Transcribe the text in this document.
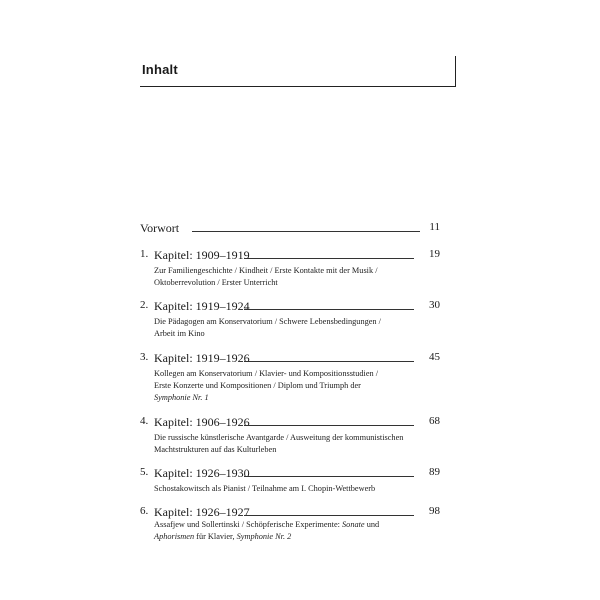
Inhalt
Vorwort	11
1. Kapitel: 1909–1919	19
Zur Familiengeschichte / Kindheit / Erste Kontakte mit der Musik /
Oktoberrevolution / Erster Unterricht
2. Kapitel: 1919–1924	30
Die Pädagogen am Konservatorium / Schwere Lebensbedingungen /
Arbeit im Kino
3. Kapitel: 1919–1926	45
Kollegen am Konservatorium / Klavier- und Kompositionsstudien /
Erste Konzerte und Kompositionen / Diplom und Triumph der
Symphonie Nr. 1
4. Kapitel: 1906–1926	68
Die russische künstlerische Avantgarde / Ausweitung der kommunistischen
Machtstrukturen auf das Kulturleben
5. Kapitel: 1926–1930	89
Schostakowitsch als Pianist / Teilnahme am I. Chopin-Wettbewerb
6. Kapitel: 1926–1927	98
Assafjew und Sollertinski / Schöpferische Experimente: Sonate und
Aphorismen für Klavier, Symphonie Nr. 2
